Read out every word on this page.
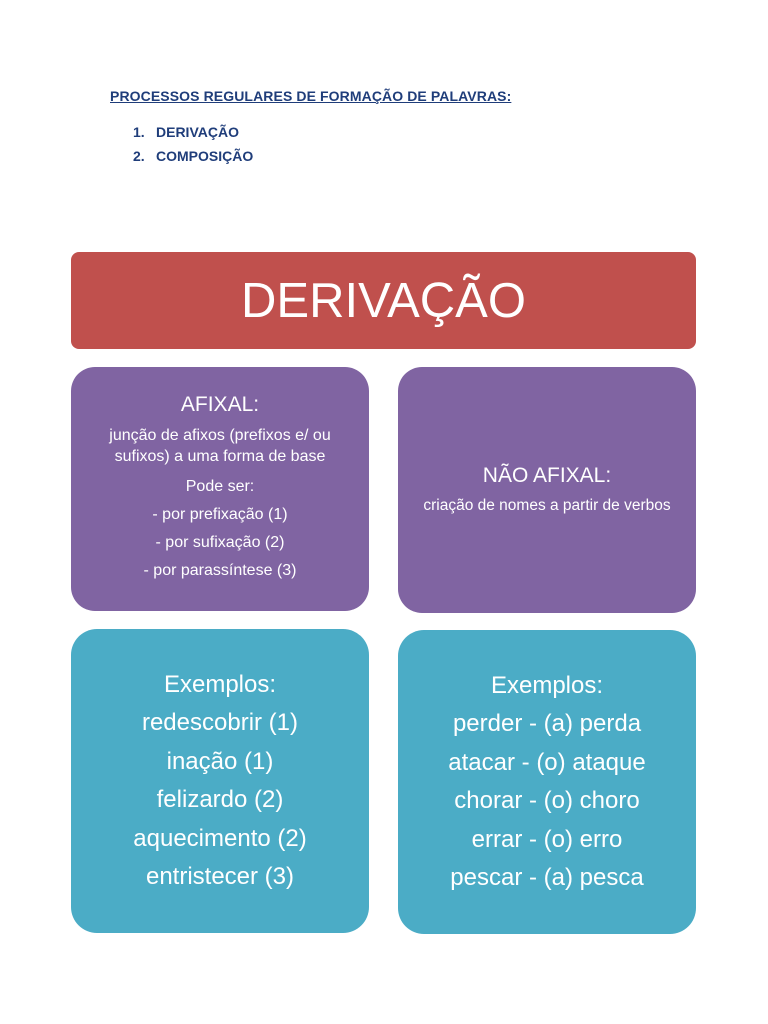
PROCESSOS REGULARES DE FORMAÇÃO DE PALAVRAS:
1. DERIVAÇÃO
2. COMPOSIÇÃO
DERIVAÇÃO
AFIXAL:
junção de afixos (prefixos e/ ou sufixos) a uma forma de base
Pode ser:
- por prefixação (1)
- por sufixação (2)
- por parassíntese (3)
NÃO AFIXAL:
criação de nomes a partir de verbos
Exemplos:
redescobrir (1)
inação (1)
felizardo (2)
aquecimento (2)
entristecer (3)
Exemplos:
perder - (a) perda
atacar - (o) ataque
chorar - (o) choro
errar - (o) erro
pescar - (a) pesca
